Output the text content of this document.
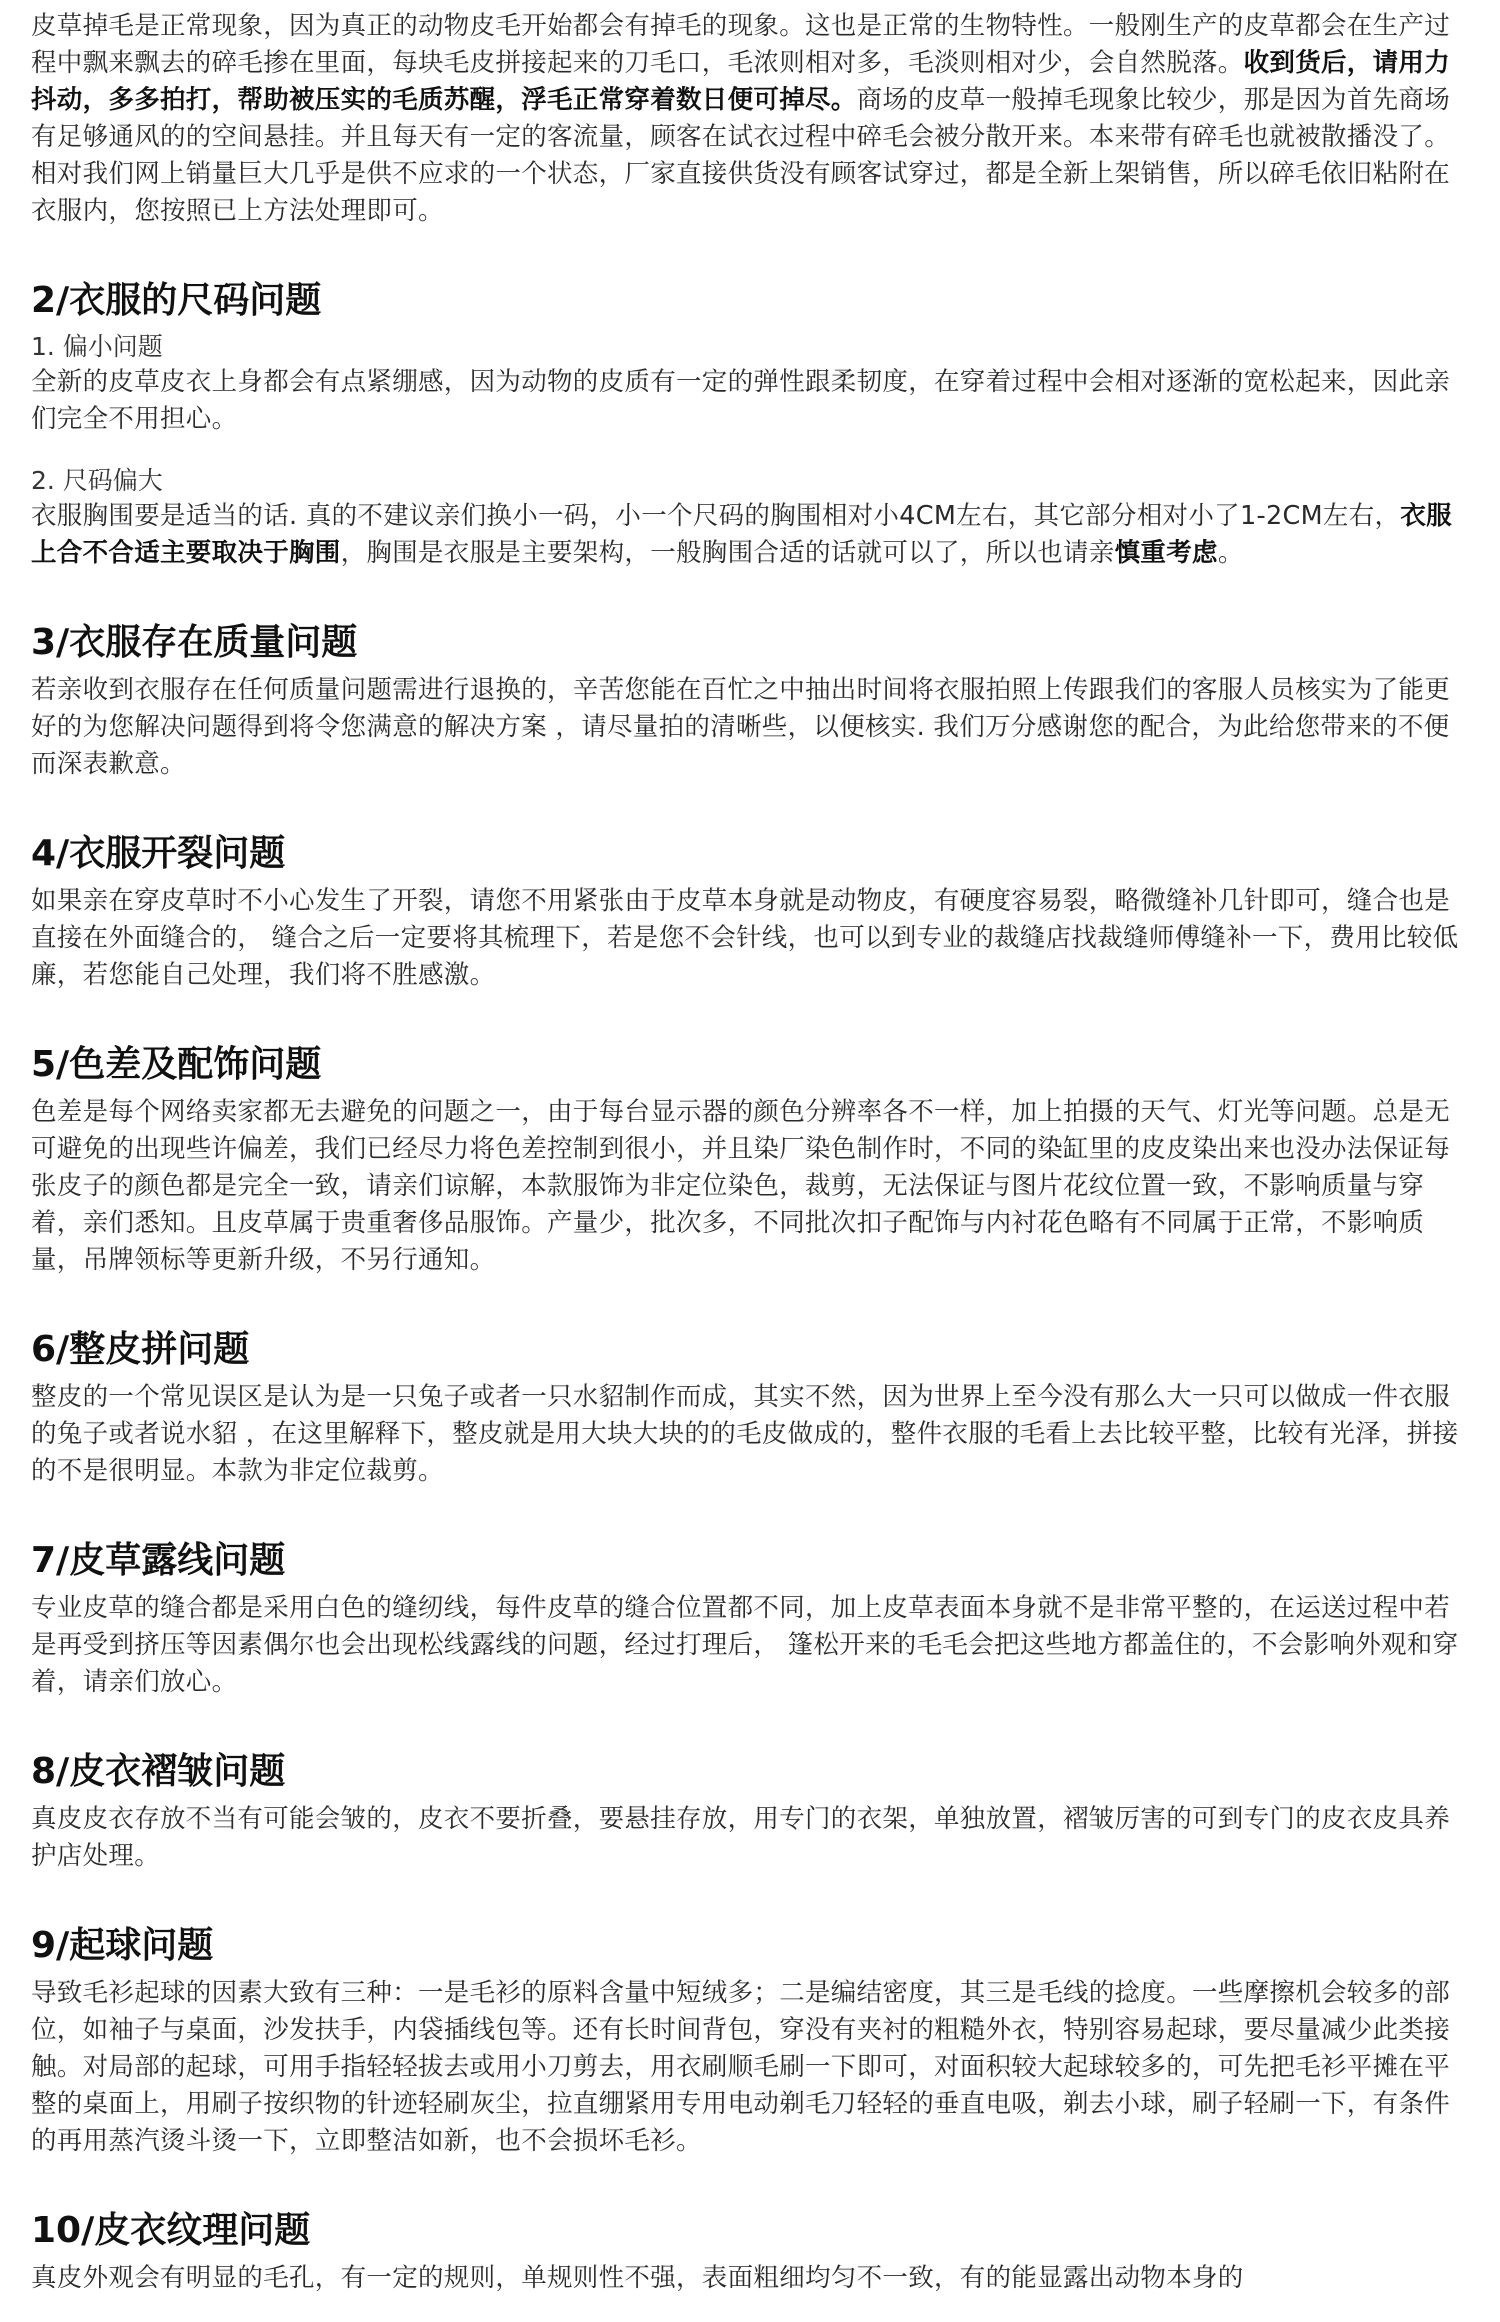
皮草掉毛是正常现象，因为真正的动物皮毛开始都会有掉毛的现象。这也是正常的生物特性。一般刚生产的皮草都会在生产过程中飘来飘去的碎毛掺在里面，每块毛皮拼接起来的刀毛口，毛浓则相对多，毛淡则相对少，会自然脱落。收到货后，请用力抖动，多多拍打，帮助被压实的毛质苏醒，浮毛正常穿着数日便可掉尽。商场的皮草一般掉毛现象比较少，那是因为首先商场有足够通风的的空间悬挂。并且每天有一定的客流量，顾客在试衣过程中碎毛会被分散开来。本来带有碎毛也就被散播没了。相对我们网上销量巨大几乎是供不应求的一个状态，厂家直接供货没有顾客试穿过，都是全新上架销售，所以碎毛依旧粘附在衣服内，您按照已上方法处理即可。

2/衣服的尺码问题
1. 偏小问题

全新的皮草皮衣上身都会有点紧绷感，因为动物的皮质有一定的弹性跟柔韧度，在穿着过程中会相对逐渐的宽松起来，因此亲们完全不用担心。

2. 尺码偏大

衣服胸围要是适当的话. 真的不建议亲们换小一码，小一个尺码的胸围相对小4CM左右，其它部分相对小了1-2CM左右，衣服上合不合适主要取决于胸围，胸围是衣服是主要架构，一般胸围合适的话就可以了，所以也请亲慎重考虑。

3/衣服存在质量问题

若亲收到衣服存在任何质量问题需进行退换的，辛苦您能在百忙之中抽出时间将衣服拍照上传跟我们的客服人员核实为了能更好的为您解决问题得到将令您满意的解决方案 ，请尽量拍的清晰些，以便核实. 我们万分感谢您的配合，为此给您带来的不便而深表歉意。

4/衣服开裂问题

如果亲在穿皮草时不小心发生了开裂，请您不用紧张由于皮草本身就是动物皮，有硬度容易裂，略微缝补几针即可，缝合也是直接在外面缝合的， 缝合之后一定要将其梳理下，若是您不会针线，也可以到专业的裁缝店找裁缝师傅缝补一下，费用比较低廉，若您能自己处理，我们将不胜感激。

5/色差及配饰问题

色差是每个网络卖家都无去避免的问题之一，由于每台显示器的颜色分辨率各不一样，加上拍摄的天气、灯光等问题。总是无可避免的出现些许偏差，我们已经尽力将色差控制到很小，并且染厂染色制作时，不同的染缸里的皮皮染出来也没办法保证每张皮子的颜色都是完全一致，请亲们谅解，本款服饰为非定位染色，裁剪，无法保证与图片花纹位置一致，不影响质量与穿着，亲们悉知。且皮草属于贵重奢侈品服饰。产量少，批次多，不同批次扣子配饰与内衬花色略有不同属于正常，不影响质量，吊牌领标等更新升级，不另行通知。

6/整皮拼问题

整皮的一个常见误区是认为是一只兔子或者一只水貂制作而成，其实不然，因为世界上至今没有那么大一只可以做成一件衣服的兔子或者说水貂 ，在这里解释下，整皮就是用大块大块的的毛皮做成的，整件衣服的毛看上去比较平整，比较有光泽，拼接的不是很明显。本款为非定位裁剪。

7/皮草露线问题

专业皮草的缝合都是采用白色的缝纫线，每件皮草的缝合位置都不同，加上皮草表面本身就不是非常平整的，在运送过程中若是再受到挤压等因素偶尔也会出现松线露线的问题，经过打理后， 篷松开来的毛毛会把这些地方都盖住的，不会影响外观和穿着，请亲们放心。

8/皮衣褶皱问题

真皮皮衣存放不当有可能会皱的，皮衣不要折叠，要悬挂存放，用专门的衣架，单独放置，褶皱厉害的可到专门的皮衣皮具养护店处理。

9/起球问题

导致毛衫起球的因素大致有三种：一是毛衫的原料含量中短绒多；二是编结密度，其三是毛线的捻度。一些摩擦机会较多的部位，如袖子与桌面，沙发扶手，内袋插线包等。还有长时间背包，穿没有夹衬的粗糙外衣，特别容易起球，要尽量减少此类接触。对局部的起球，可用手指轻轻拔去或用小刀剪去，用衣刷顺毛刷一下即可，对面积较大起球较多的，可先把毛衫平摊在平整的桌面上，用刷子按织物的针迹轻刷灰尘，拉直绷紧用专用电动剃毛刀轻轻的垂直电吸，剃去小球，刷子轻刷一下，有条件的再用蒸汽烫斗烫一下，立即整洁如新，也不会损坏毛衫。

10/皮衣纹理问题

真皮外观会有明显的毛孔，有一定的规则，单规则性不强，表面粗细均匀不一致，有的能显露出动物本身的
